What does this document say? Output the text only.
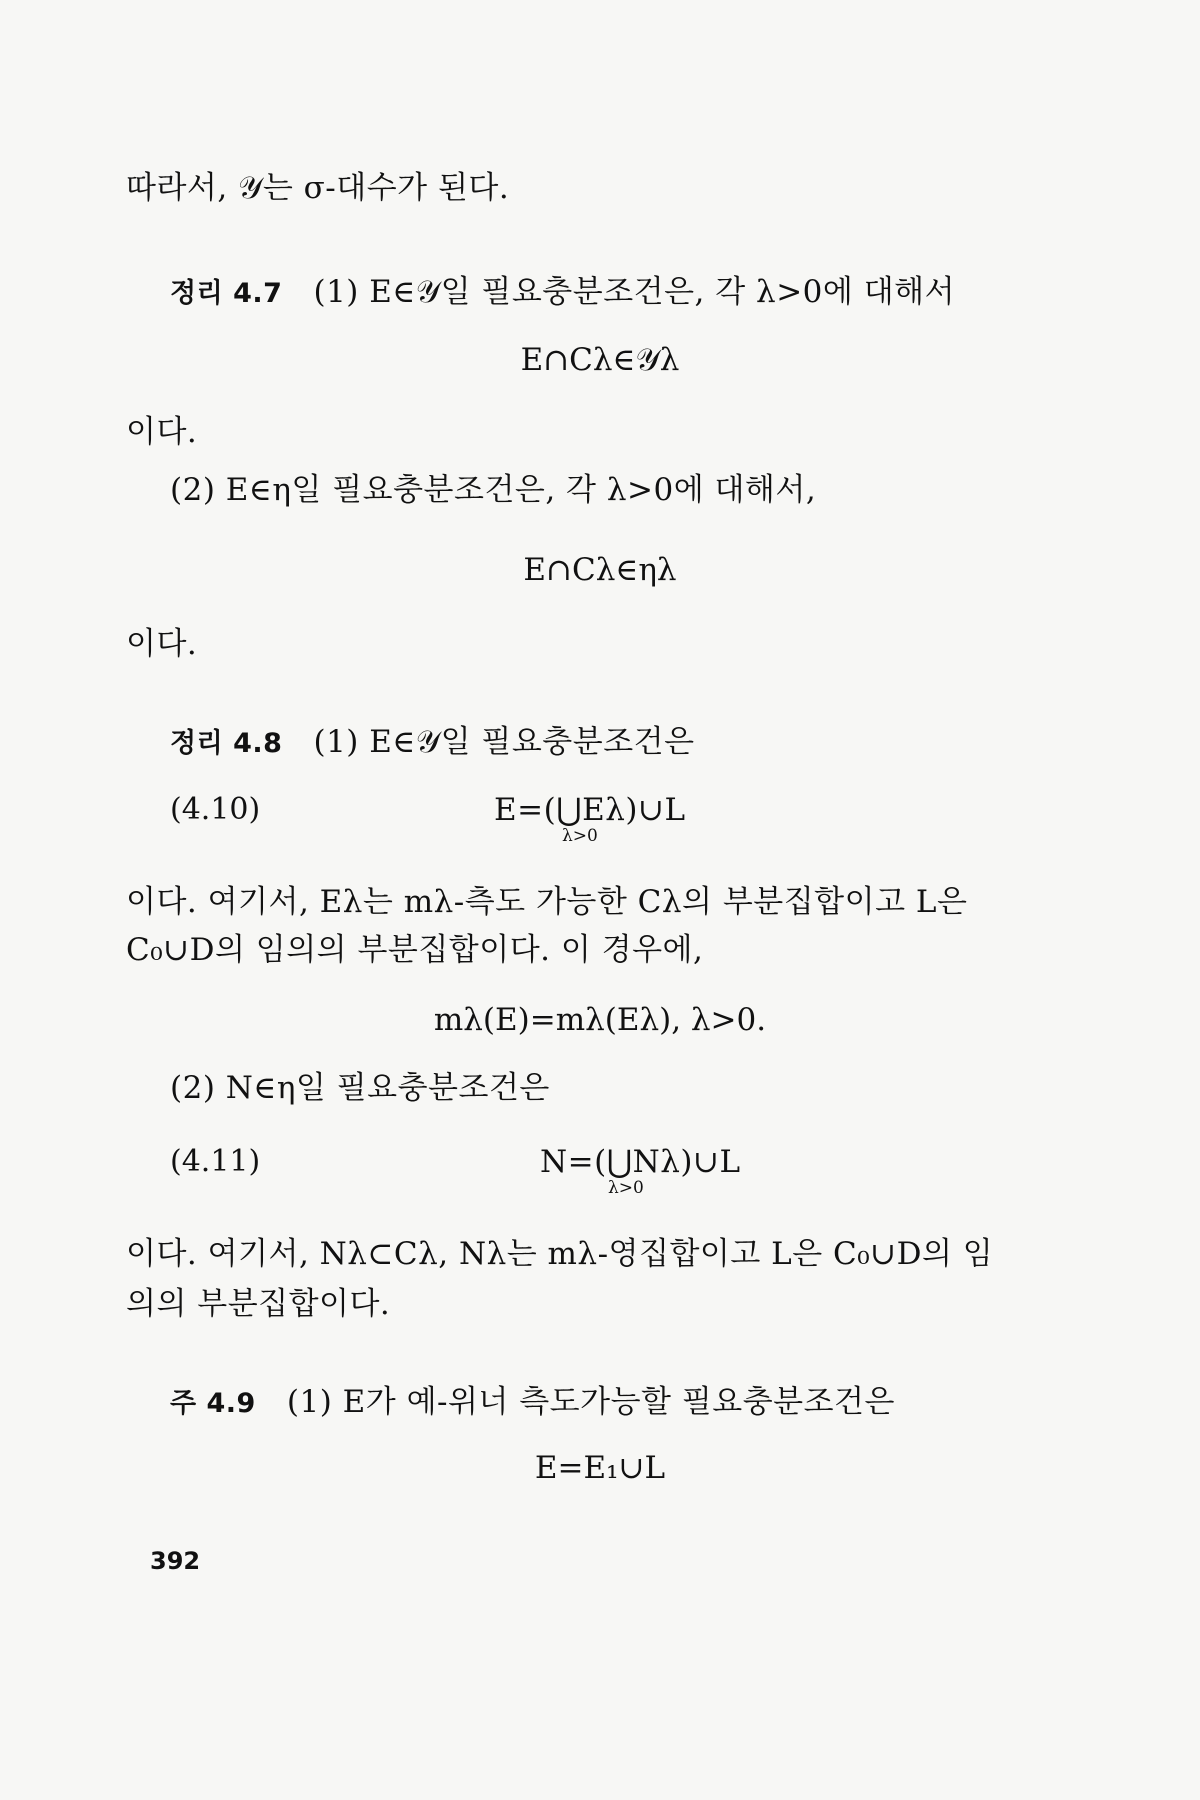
따라서, 𝒴는 σ-대수가 된다.
정리 4.7 (1) E∈𝒴일 필요충분조건은, 각 λ>0에 대해서
E∩Cλ∈𝒴λ
이다.
(2) E∈η일 필요충분조건은, 각 λ>0에 대해서,
E∩Cλ∈ηλ
이다.
정리 4.8 (1) E∈𝒴일 필요충분조건은
(4.10)	E=(⋃Eλ)∪L
λ>0
이다. 여기서, Eλ는 mλ-측도 가능한 Cλ의 부분집합이고 L은
C₀∪D의 임의의 부분집합이다. 이 경우에,
mλ(E)=mλ(Eλ), λ>0.
(2) N∈η일 필요충분조건은
(4.11)	N=(⋃Nλ)∪L
λ>0
이다. 여기서, Nλ⊂Cλ, Nλ는 mλ-영집합이고 L은 C₀∪D의 임
의의 부분집합이다.
주 4.9 (1) E가 예-위너 측도가능할 필요충분조건은
E=E₁∪L
392
